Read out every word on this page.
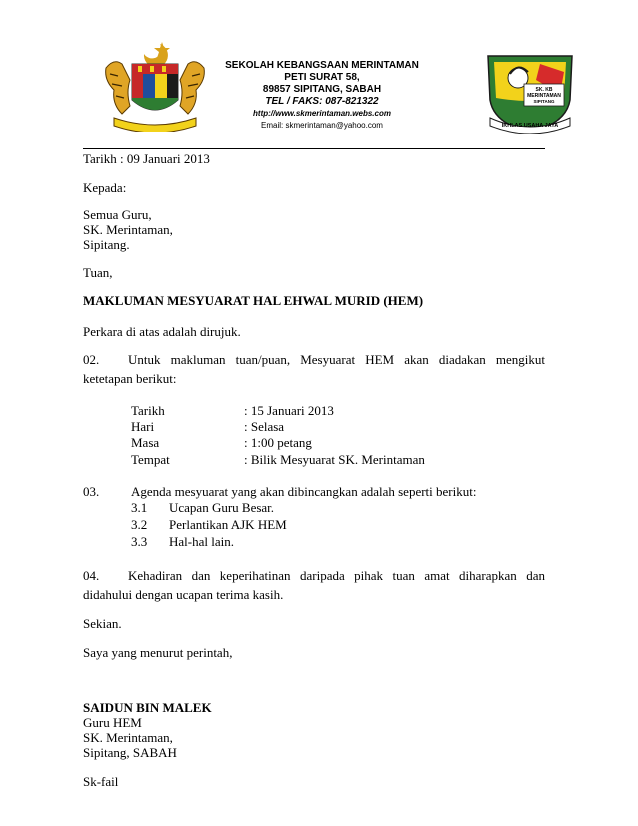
SEKOLAH KEBANGSAAN MERINTAMAN
PETI SURAT 58,
89857 SIPITANG, SABAH
TEL / FAKS: 087-821322
http://www.skmerintaman.webs.com
Email: skmerintaman@yahoo.com
SK. KB
MERINTAMAN
SIPITANG
IKHLAS USAHA JAYA
Tarikh : 09 Januari 2013
Kepada:
Semua Guru,
SK. Merintaman,
Sipitang.
Tuan,
MAKLUMAN MESYUARAT HAL EHWAL MURID (HEM)
Perkara di atas adalah dirujuk.
02. Untuk makluman tuan/puan, Mesyuarat HEM akan diadakan mengikut ketetapan berikut:
Tarikh	: 15 Januari 2013
Hari	: Selasa
Masa	: 1:00 petang
Tempat	: Bilik Mesyuarat SK. Merintaman
03. Agenda mesyuarat yang akan dibincangkan adalah seperti berikut:
3.1 Ucapan Guru Besar.
3.2 Perlantikan AJK HEM
3.3 Hal-hal lain.
04. Kehadiran dan keperihatinan daripada pihak tuan amat diharapkan dan didahului dengan ucapan terima kasih.
Sekian.
Saya yang menurut perintah,
SAIDUN BIN MALEK
Guru HEM
SK. Merintaman,
Sipitang, SABAH
Sk-fail
